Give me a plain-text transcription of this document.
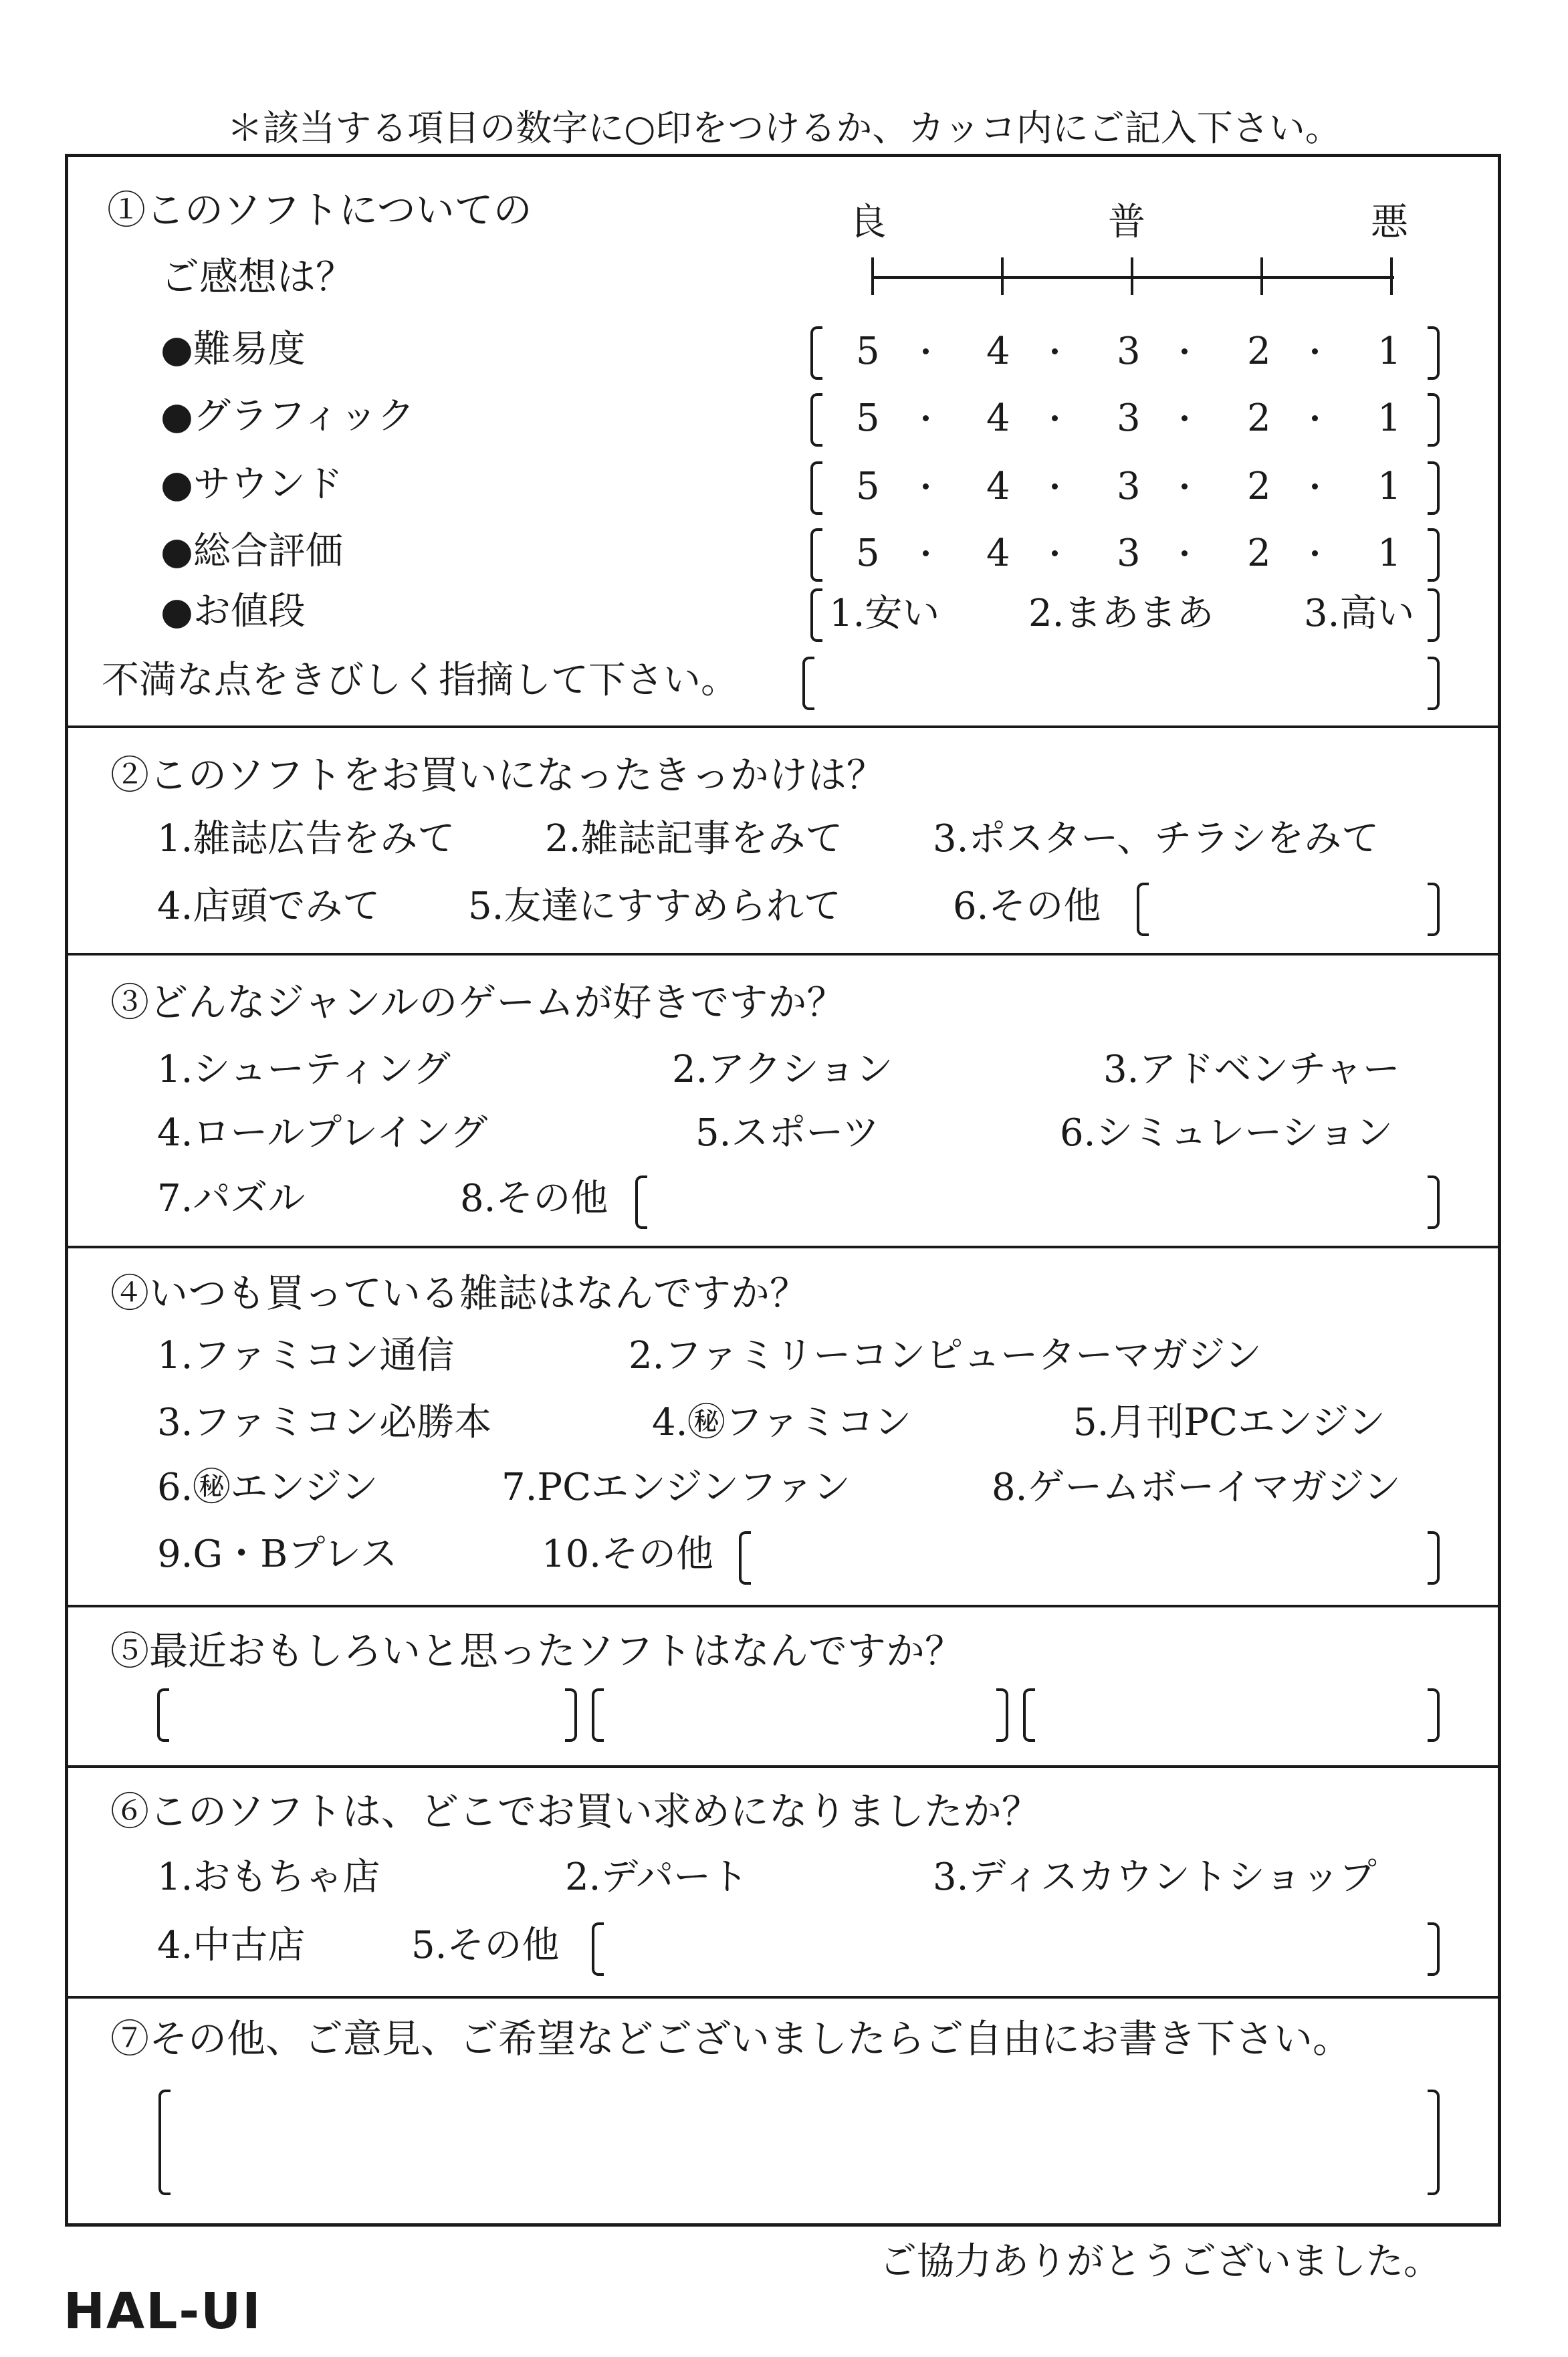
＊該当する項目の数字に○印をつけるか、カッコ内にご記入下さい。
①このソフトについての
ご感想は？
良	普	悪
●難易度	5	4	3	2	1
●グラフィック	5	4	3	2	1
●サウンド	5	4	3	2	1
●総合評価	5	4	3	2	1
●お値段	1.安い 2.まあまあ 3.高い
不満な点をきびしく指摘して下さい。
②このソフトをお買いになったきっかけは？
1.雑誌広告をみて 2.雑誌記事をみて 3.ポスター、チラシをみて
4.店頭でみて 5.友達にすすめられて	6.その他
③どんなジャンルのゲームが好きですか？
1.シューティング	2.アクション	3.アドベンチャー
4.ロールプレイング	5.スポーツ	6.シミュレーション
7.パズル	8.その他
④いつも買っている雑誌はなんですか？
1.ファミコン通信	2.ファミリーコンピューターマガジン
3.ファミコン必勝本	4.㊙ファミコン	5.月刊PCエンジン
6.㊙エンジン	7.PCエンジンファン	8.ゲームボーイマガジン
9.G・Bプレス	10.その他
⑤最近おもしろいと思ったソフトはなんですか？
⑥このソフトは、どこでお買い求めになりましたか？
1.おもちゃ店	2.デパート	3.ディスカウントショップ
4.中古店	5.その他
⑦その他、ご意見、ご希望などございましたらご自由にお書き下さい。
ご協力ありがとうございました。
HAL-UI
